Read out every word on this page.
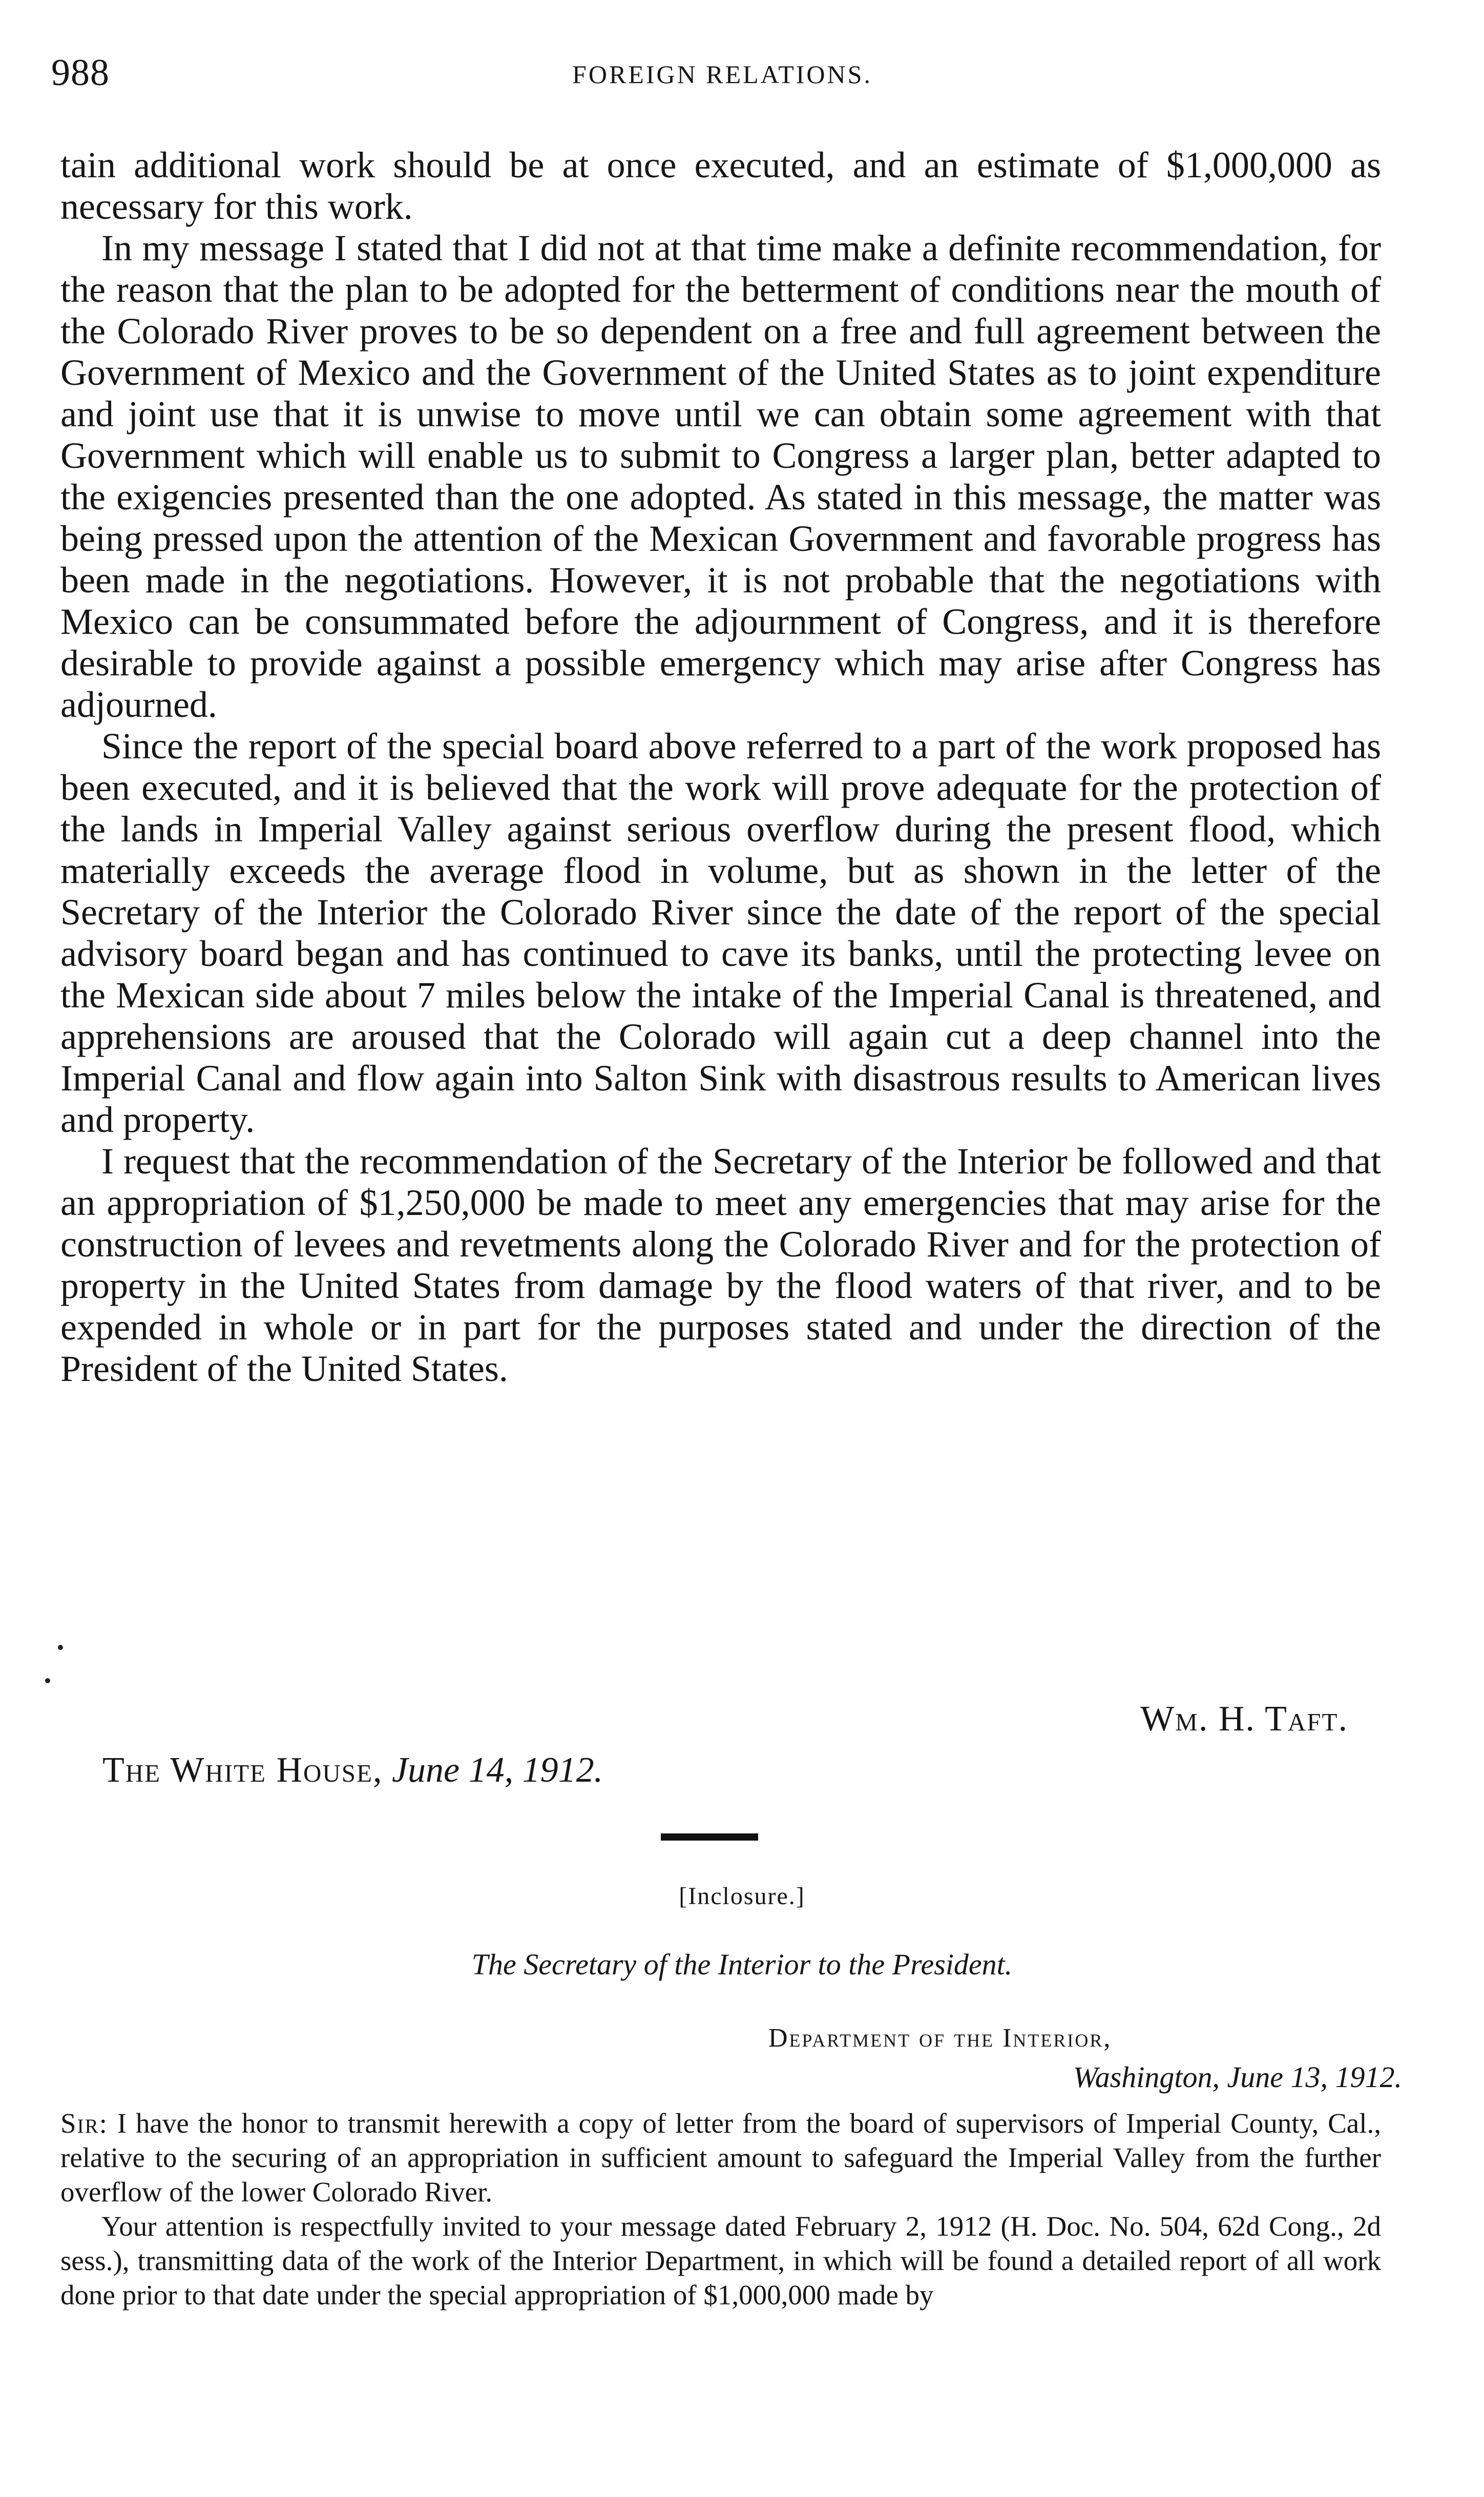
988	FOREIGN RELATIONS.

tain additional work should be at once executed, and an estimate of $1,000,000 as necessary for this work.

In my message I stated that I did not at that time make a definite recommendation, for the reason that the plan to be adopted for the betterment of conditions near the mouth of the Colorado River proves to be so dependent on a free and full agreement between the Government of Mexico and the Government of the United States as to joint expenditure and joint use that it is unwise to move until we can obtain some agreement with that Government which will enable us to submit to Congress a larger plan, better adapted to the exigencies presented than the one adopted. As stated in this message, the matter was being pressed upon the attention of the Mexican Government and favorable progress has been made in the negotiations. However, it is not probable that the negotiations with Mexico can be consummated before the adjournment of Congress, and it is therefore desirable to provide against a possible emergency which may arise after Congress has adjourned.

Since the report of the special board above referred to a part of the work proposed has been executed, and it is believed that the work will prove adequate for the protection of the lands in Imperial Valley against serious overflow during the present flood, which materially exceeds the average flood in volume, but as shown in the letter of the Secretary of the Interior the Colorado River since the date of the report of the special advisory board began and has continued to cave its banks, until the protecting levee on the Mexican side about 7 miles below the intake of the Imperial Canal is threatened, and apprehensions are aroused that the Colorado will again cut a deep channel into the Imperial Canal and flow again into Salton Sink with disastrous results to American lives and property.

I request that the recommendation of the Secretary of the Interior be followed and that an appropriation of $1,250,000 be made to meet any emergencies that may arise for the construction of levees and revetments along the Colorado River and for the protection of property in the United States from damage by the flood waters of that river, and to be expended in whole or in part for the purposes stated and under the direction of the President of the United States.

Wm. H. Taft.
The White House, June 14, 1912.
[Inclosure.]
The Secretary of the Interior to the President.
Department of the Interior,
Washington, June 13, 1912.

Sir: I have the honor to transmit herewith a copy of letter from the board of supervisors of Imperial County, Cal., relative to the securing of an appropriation in sufficient amount to safeguard the Imperial Valley from the further overflow of the lower Colorado River.

Your attention is respectfully invited to your message dated February 2, 1912 (H. Doc. No. 504, 62d Cong., 2d sess.), transmitting data of the work of the Interior Department, in which will be found a detailed report of all work done prior to that date under the special appropriation of $1,000,000 made by
